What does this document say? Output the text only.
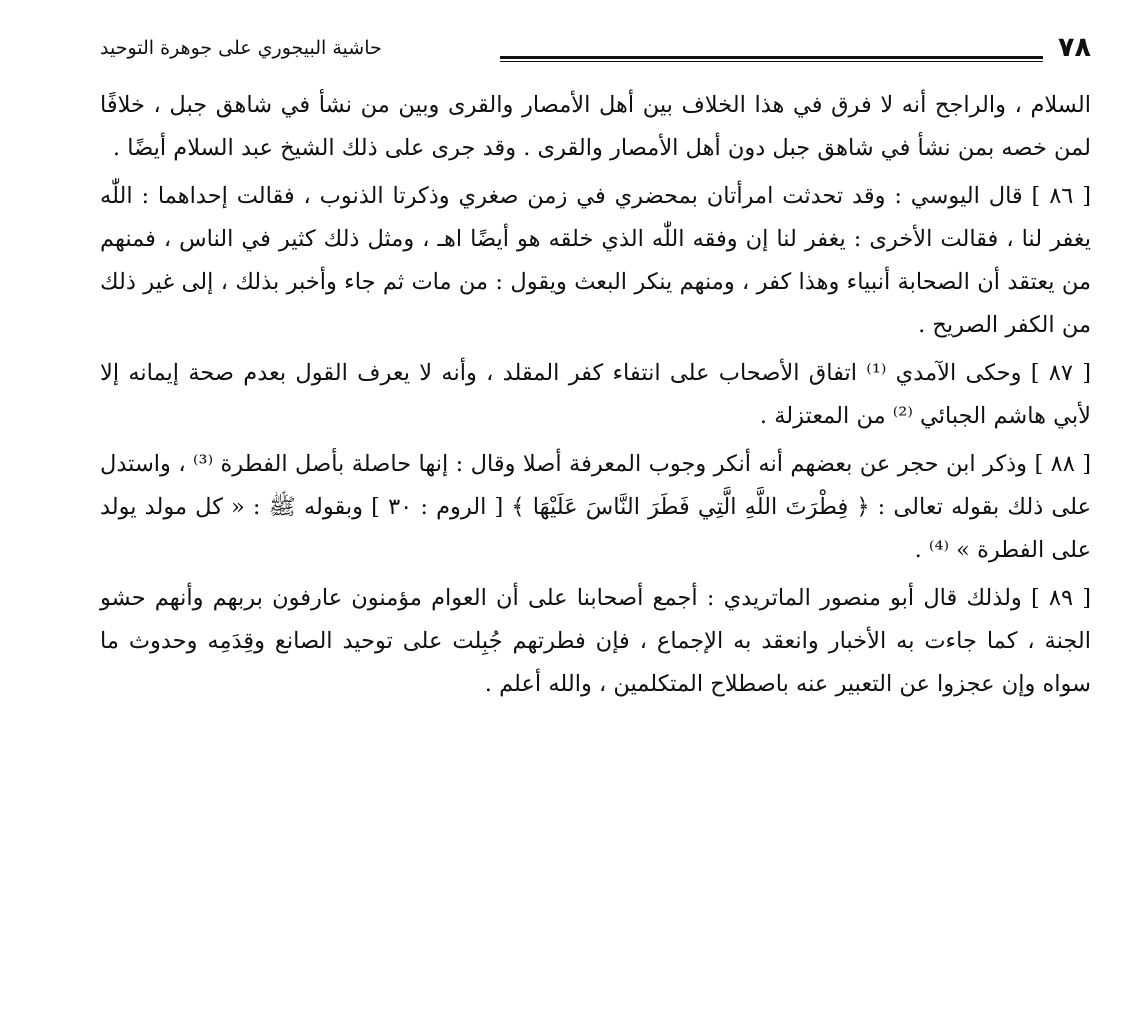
٧٨
حاشية البيجوري على جوهرة التوحيد

السلام ، والراجح أنه لا فرق في هذا الخلاف بين أهل الأمصار والقرى وبين من نشأ في شاهق جبل ، خلافًا لمن خصه بمن نشأ في شاهق جبل دون أهل الأمصار والقرى . وقد جرى على ذلك الشيخ عبد السلام أيضًا .

[ ٨٦ ] قال اليوسي : وقد تحدثت امرأتان بمحضري في زمن صغري وذكرتا الذنوب ، فقالت إحداهما : اللّٰه يغفر لنا ، فقالت الأخرى : يغفر لنا إن وفقه اللّٰه الذي خلقه هو أيضًا اهـ ، ومثل ذلك كثير في الناس ، فمنهم من يعتقد أن الصحابة أنبياء وهذا كفر ، ومنهم ينكر البعث ويقول : من مات ثم جاء وأخبر بذلك ، إلى غير ذلك من الكفر الصريح .

[ ٨٧ ] وحكى الآمدي ⁽¹⁾ اتفاق الأصحاب على انتفاء كفر المقلد ، وأنه لا يعرف القول بعدم صحة إيمانه إلا لأبي هاشم الجبائي ⁽²⁾ من المعتزلة .

[ ٨٨ ] وذكر ابن حجر عن بعضهم أنه أنكر وجوب المعرفة أصلا وقال : إنها حاصلة بأصل الفطرة ⁽³⁾ ، واستدل على ذلك بقوله تعالى : ﴿ فِطْرَتَ اللَّهِ الَّتِي فَطَرَ النَّاسَ عَلَيْهَا ﴾ [ الروم : ٣٠ ] وبقوله ﷺ : « كل مولد يولد على الفطرة » ⁽⁴⁾ .

[ ٨٩ ] ولذلك قال أبو منصور الماتريدي : أجمع أصحابنا على أن العوام مؤمنون عارفون بربهم وأنهم حشو الجنة ، كما جاءت به الأخبار وانعقد به الإجماع ، فإن فطرتهم جُبِلت على توحيد الصانع وقِدَمِه وحدوث ما سواه وإن عجزوا عن التعبير عنه باصطلاح المتكلمين ، والله أعلم .
